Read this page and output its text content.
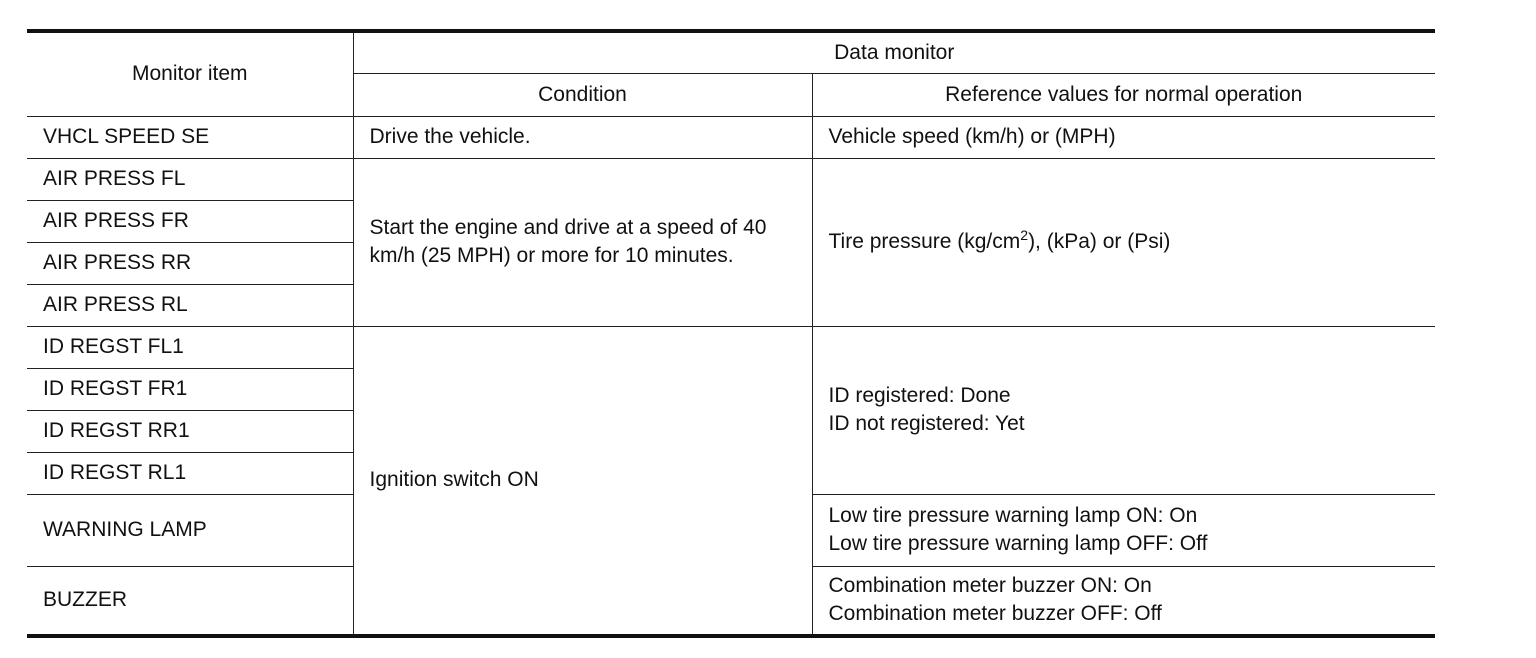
Monitor item	Data monitor	
	Condition	Reference values for normal operation
VHCL SPEED SE	Drive the vehicle.	Vehicle speed (km/h) or (MPH)
AIR PRESS FL	Start the engine and drive at a speed of 40 km/h (25 MPH) or more for 10 minutes.	Tire pressure $(kg/cm^2)$, (kPa) or (Psi)
AIR PRESS FR		
AIR PRESS RR		
AIR PRESS RL		
ID REGST FL1	Ignition switch ON	ID registered: Done
ID not registered: Yet
ID REGST FR1		
ID REGST RR1		
ID REGST RL1		
WARNING LAMP		Low tire pressure warning lamp ON: On
Low tire pressure warning lamp OFF: Off
BUZZER		Combination meter buzzer ON: On
Combination meter buzzer OFF: Off
